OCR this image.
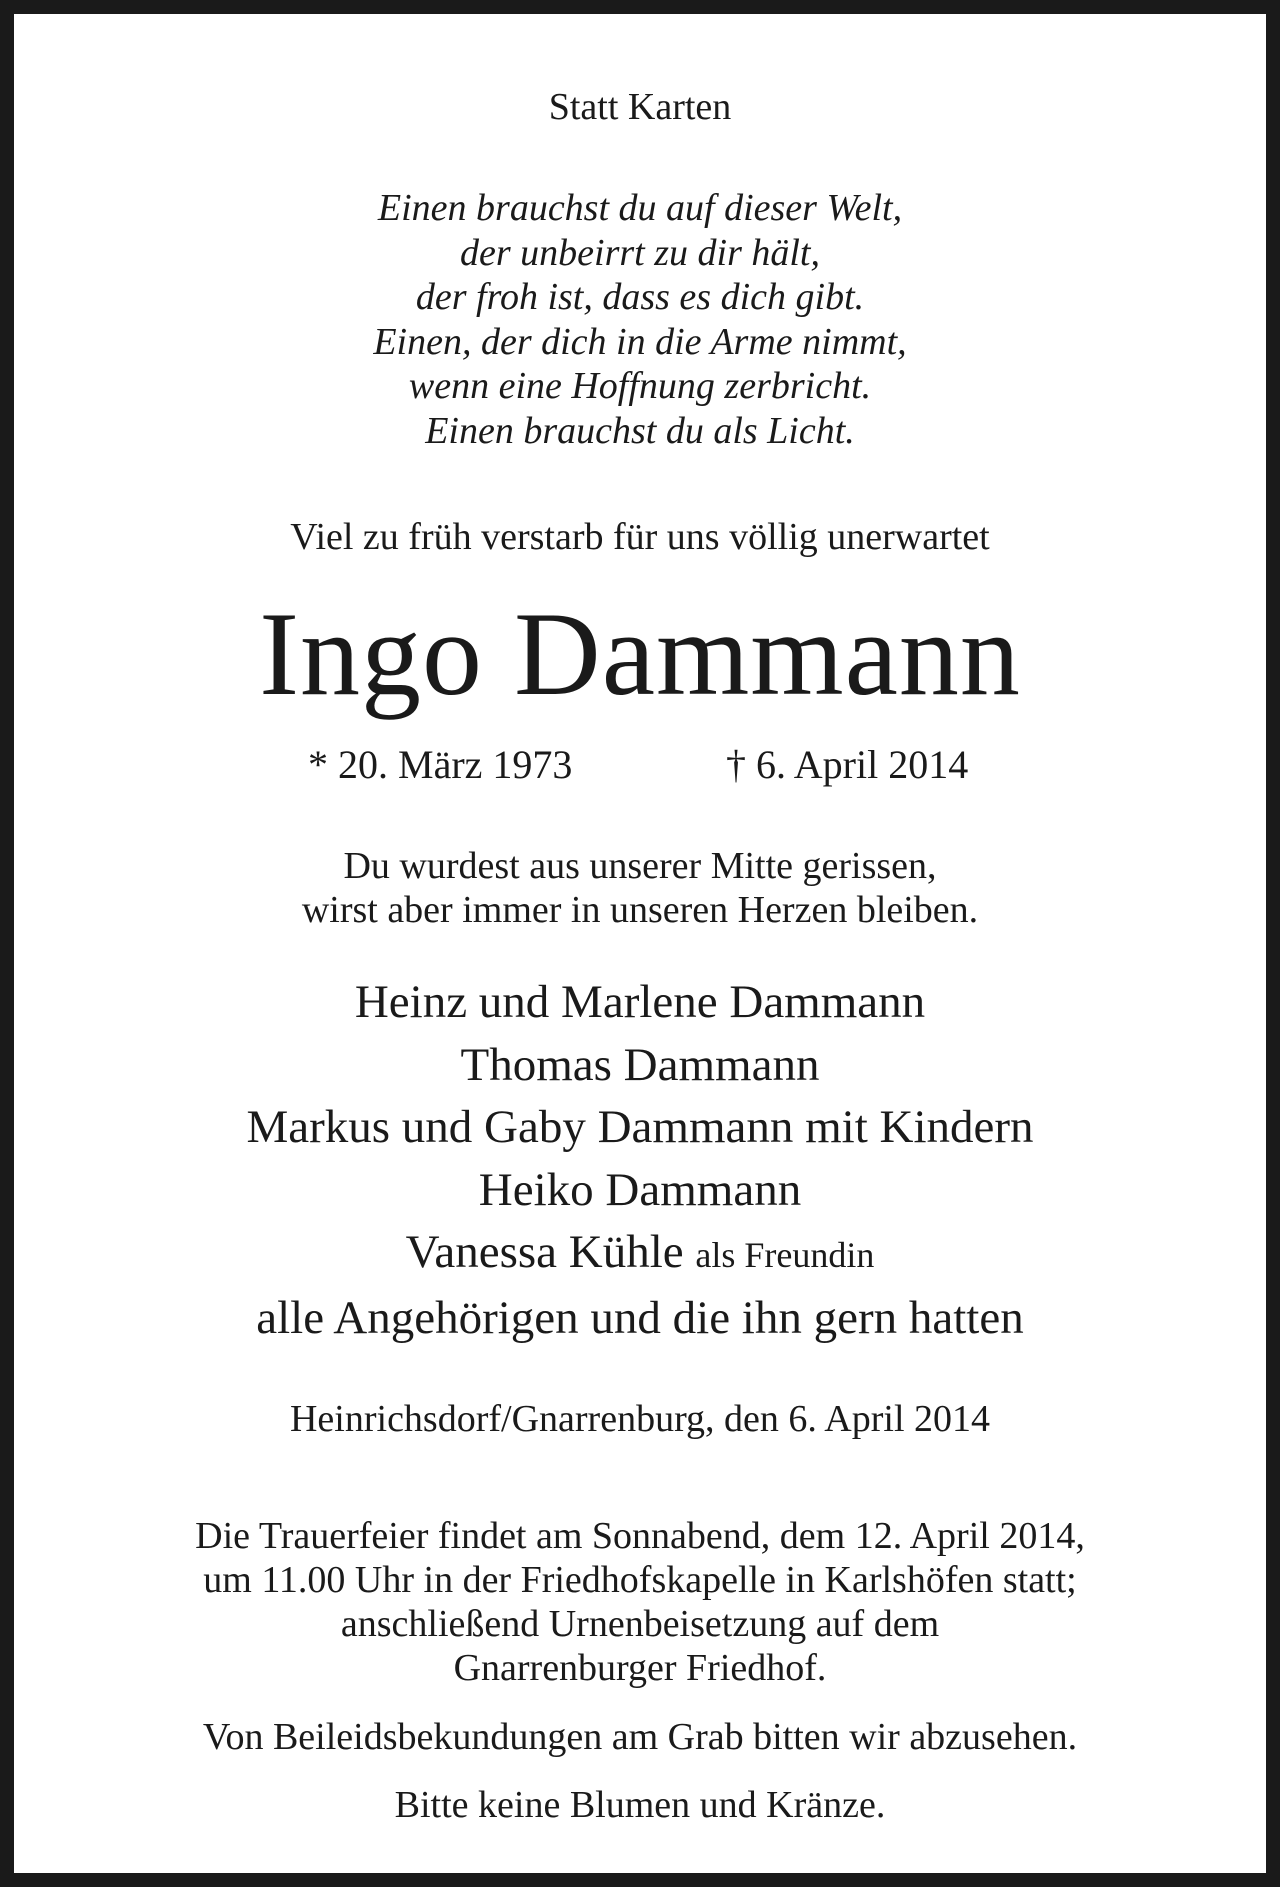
Statt Karten
Einen brauchst du auf dieser Welt,
der unbeirrt zu dir hält,
der froh ist, dass es dich gibt.
Einen, der dich in die Arme nimmt,
wenn eine Hoffnung zerbricht.
Einen brauchst du als Licht.
Viel zu früh verstarb für uns völlig unerwartet
Ingo Dammann
* 20. März 1973	† 6. April 2014
Du wurdest aus unserer Mitte gerissen,
wirst aber immer in unseren Herzen bleiben.
Heinz und Marlene Dammann
Thomas Dammann
Markus und Gaby Dammann mit Kindern
Heiko Dammann
Vanessa Kühle als Freundin
alle Angehörigen und die ihn gern hatten
Heinrichsdorf/Gnarrenburg, den 6. April 2014
Die Trauerfeier findet am Sonnabend, dem 12. April 2014,
um 11.00 Uhr in der Friedhofskapelle in Karlshöfen statt;
anschließend Urnenbeisetzung auf dem
Gnarrenburger Friedhof.
Von Beileidsbekundungen am Grab bitten wir abzusehen.
Bitte keine Blumen und Kränze.
